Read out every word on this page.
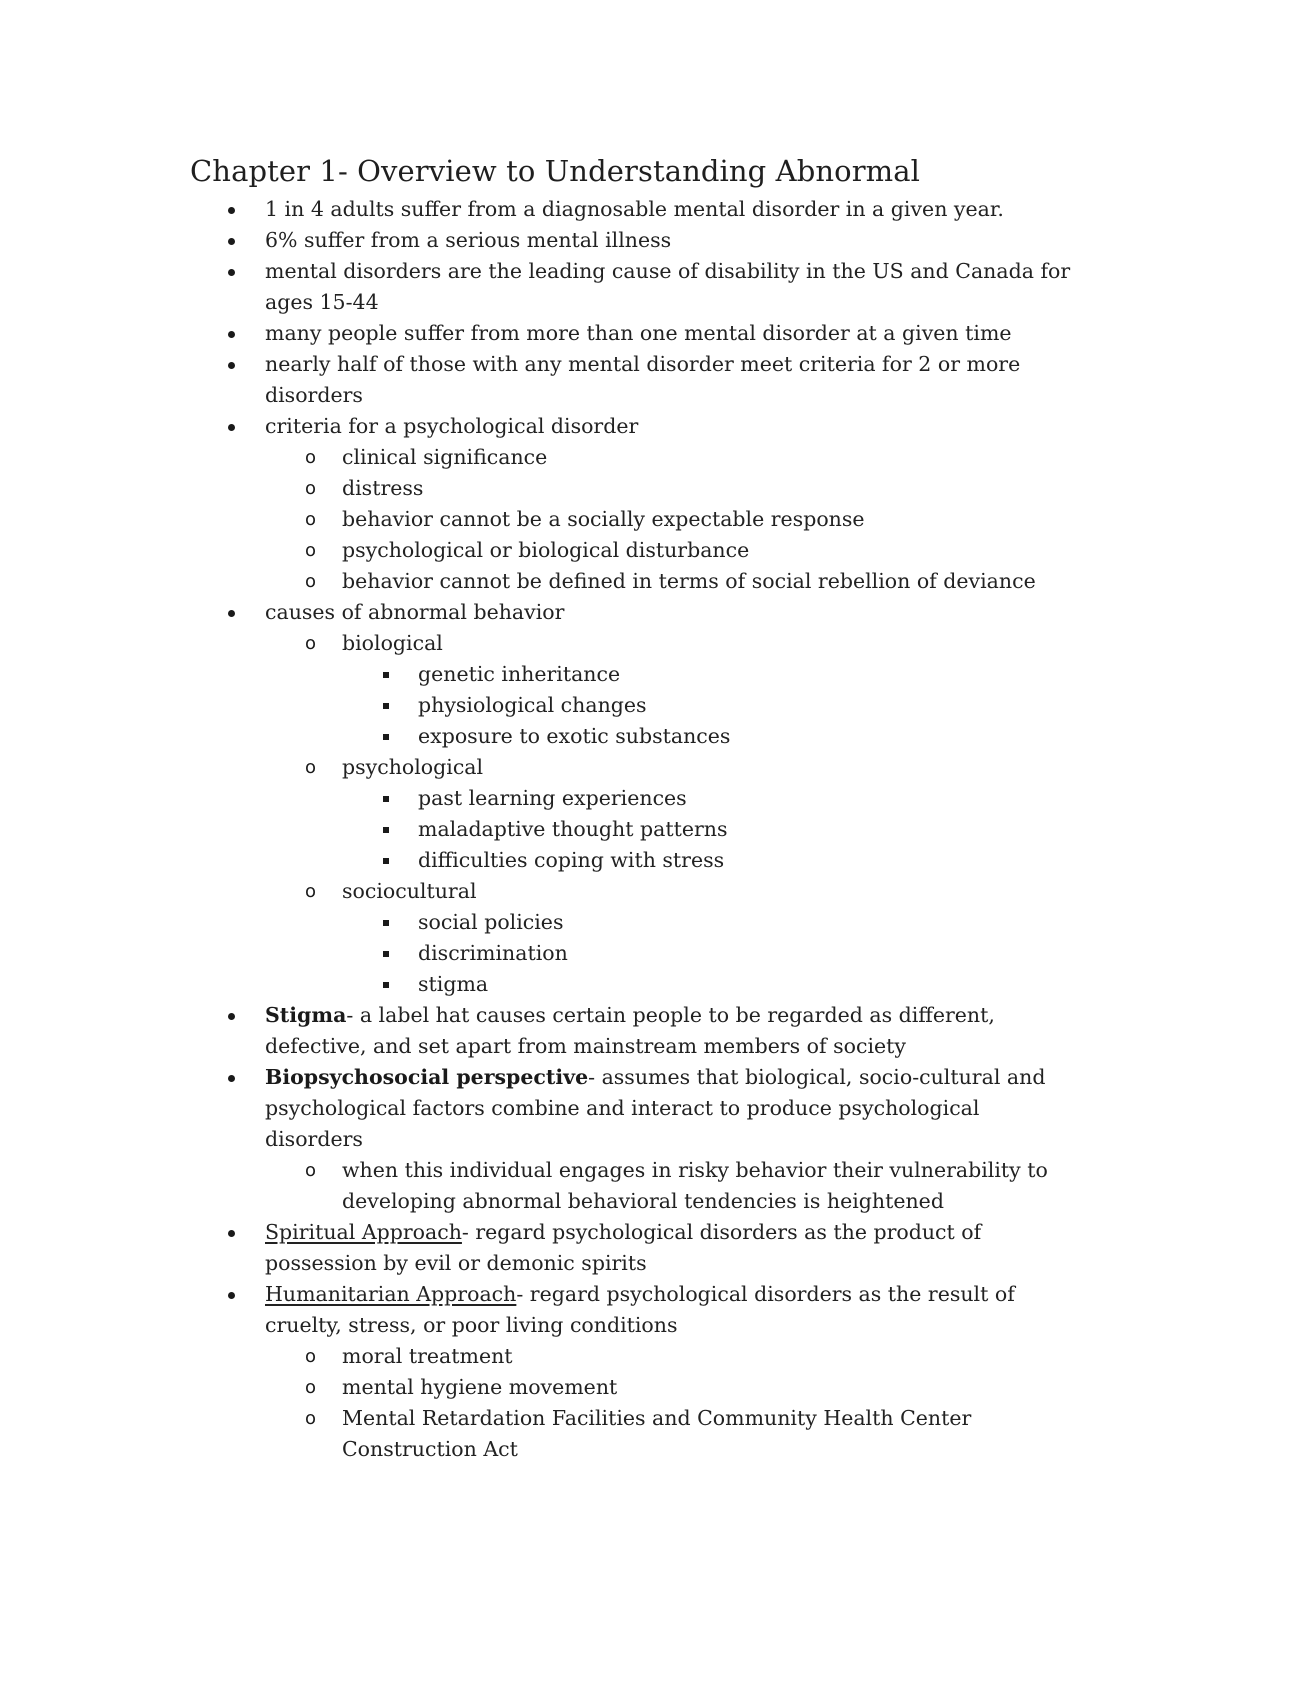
Chapter 1- Overview to Understanding Abnormal
1 in 4 adults suffer from a diagnosable mental disorder in a given year.
6% suffer from a serious mental illness
mental disorders are the leading cause of disability in the US and Canada for
ages 15-44
many people suffer from more than one mental disorder at a given time
nearly half of those with any mental disorder meet criteria for 2 or more
disorders
criteria for a psychological disorder
o clinical significance
o distress
o behavior cannot be a socially expectable response
o psychological or biological disturbance
o behavior cannot be defined in terms of social rebellion of deviance
causes of abnormal behavior
o biological
genetic inheritance
physiological changes
exposure to exotic substances
o psychological
past learning experiences
maladaptive thought patterns
difficulties coping with stress
o sociocultural
social policies
discrimination
stigma
Stigma- a label hat causes certain people to be regarded as different,
defective, and set apart from mainstream members of society
Biopsychosocial perspective- assumes that biological, socio-cultural and
psychological factors combine and interact to produce psychological
disorders
o when this individual engages in risky behavior their vulnerability to
developing abnormal behavioral tendencies is heightened
Spiritual Approach- regard psychological disorders as the product of
possession by evil or demonic spirits
Humanitarian Approach- regard psychological disorders as the result of
cruelty, stress, or poor living conditions
o moral treatment
o mental hygiene movement
o Mental Retardation Facilities and Community Health Center
Construction Act
